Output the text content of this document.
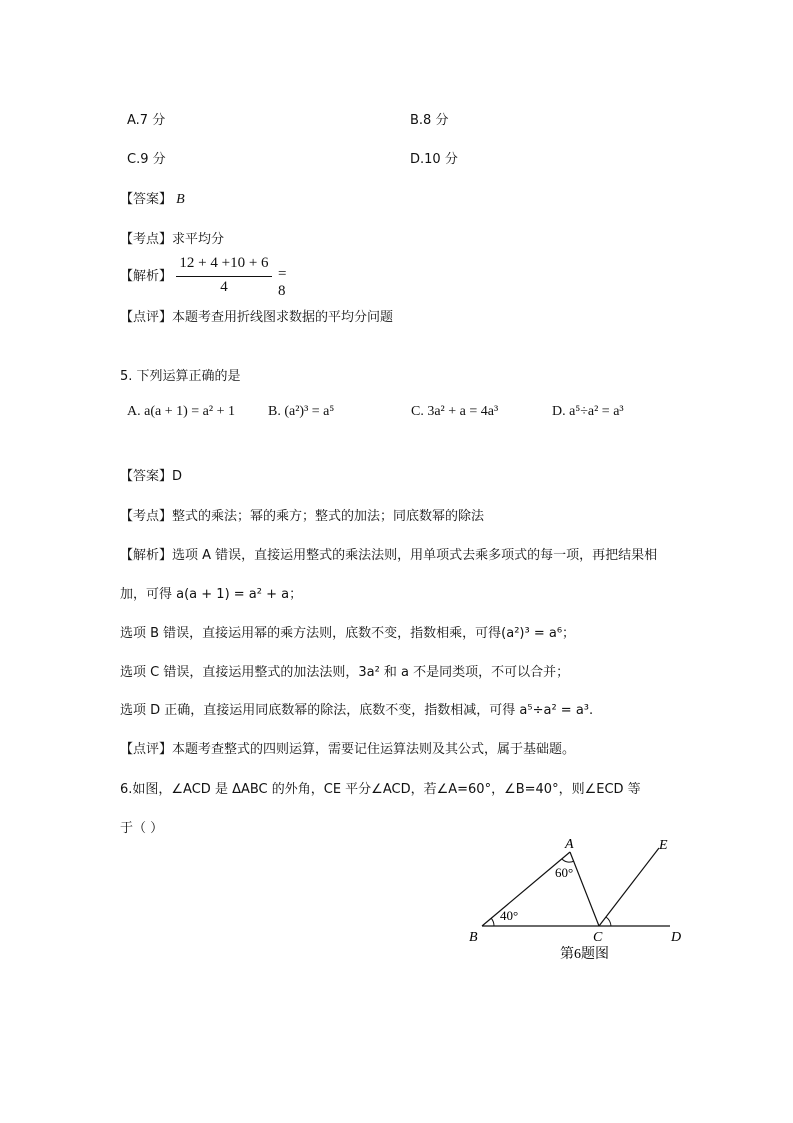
A.7 分	B.8 分
C.9 分	D.10 分
【答案】 B
【考点】求平均分
【解析】
12 + 4 +10 + 6
4
= 8
【点评】本题考查用折线图求数据的平均分问题
5. 下列运算正确的是
A. a(a + 1) = a² + 1 B. (a²)³ = a⁵	C. 3a² + a = 4a³	D. a⁵÷a² = a³
【答案】D
【考点】整式的乘法；幂的乘方；整式的加法；同底数幂的除法
【解析】选项 A 错误，直接运用整式的乘法法则，用单项式去乘多项式的每一项，再把结果相
加，可得 a(a + 1) = a² + a；
选项 B 错误，直接运用幂的乘方法则，底数不变，指数相乘，可得(a²)³ = a⁶；
选项 C 错误，直接运用整式的加法法则，3a² 和 a 不是同类项，不可以合并；
选项 D 正确，直接运用同底数幂的除法，底数不变，指数相减，可得 a⁵÷a² = a³.
【点评】本题考查整式的四则运算，需要记住运算法则及其公式，属于基础题。
6.如图，∠ACD 是 ΔABC 的外角，CE 平分∠ACD，若∠A=60°，∠B=40°，则∠ECD 等
于（ ）
A
B	C	D
E
60°
40°
第6题图
